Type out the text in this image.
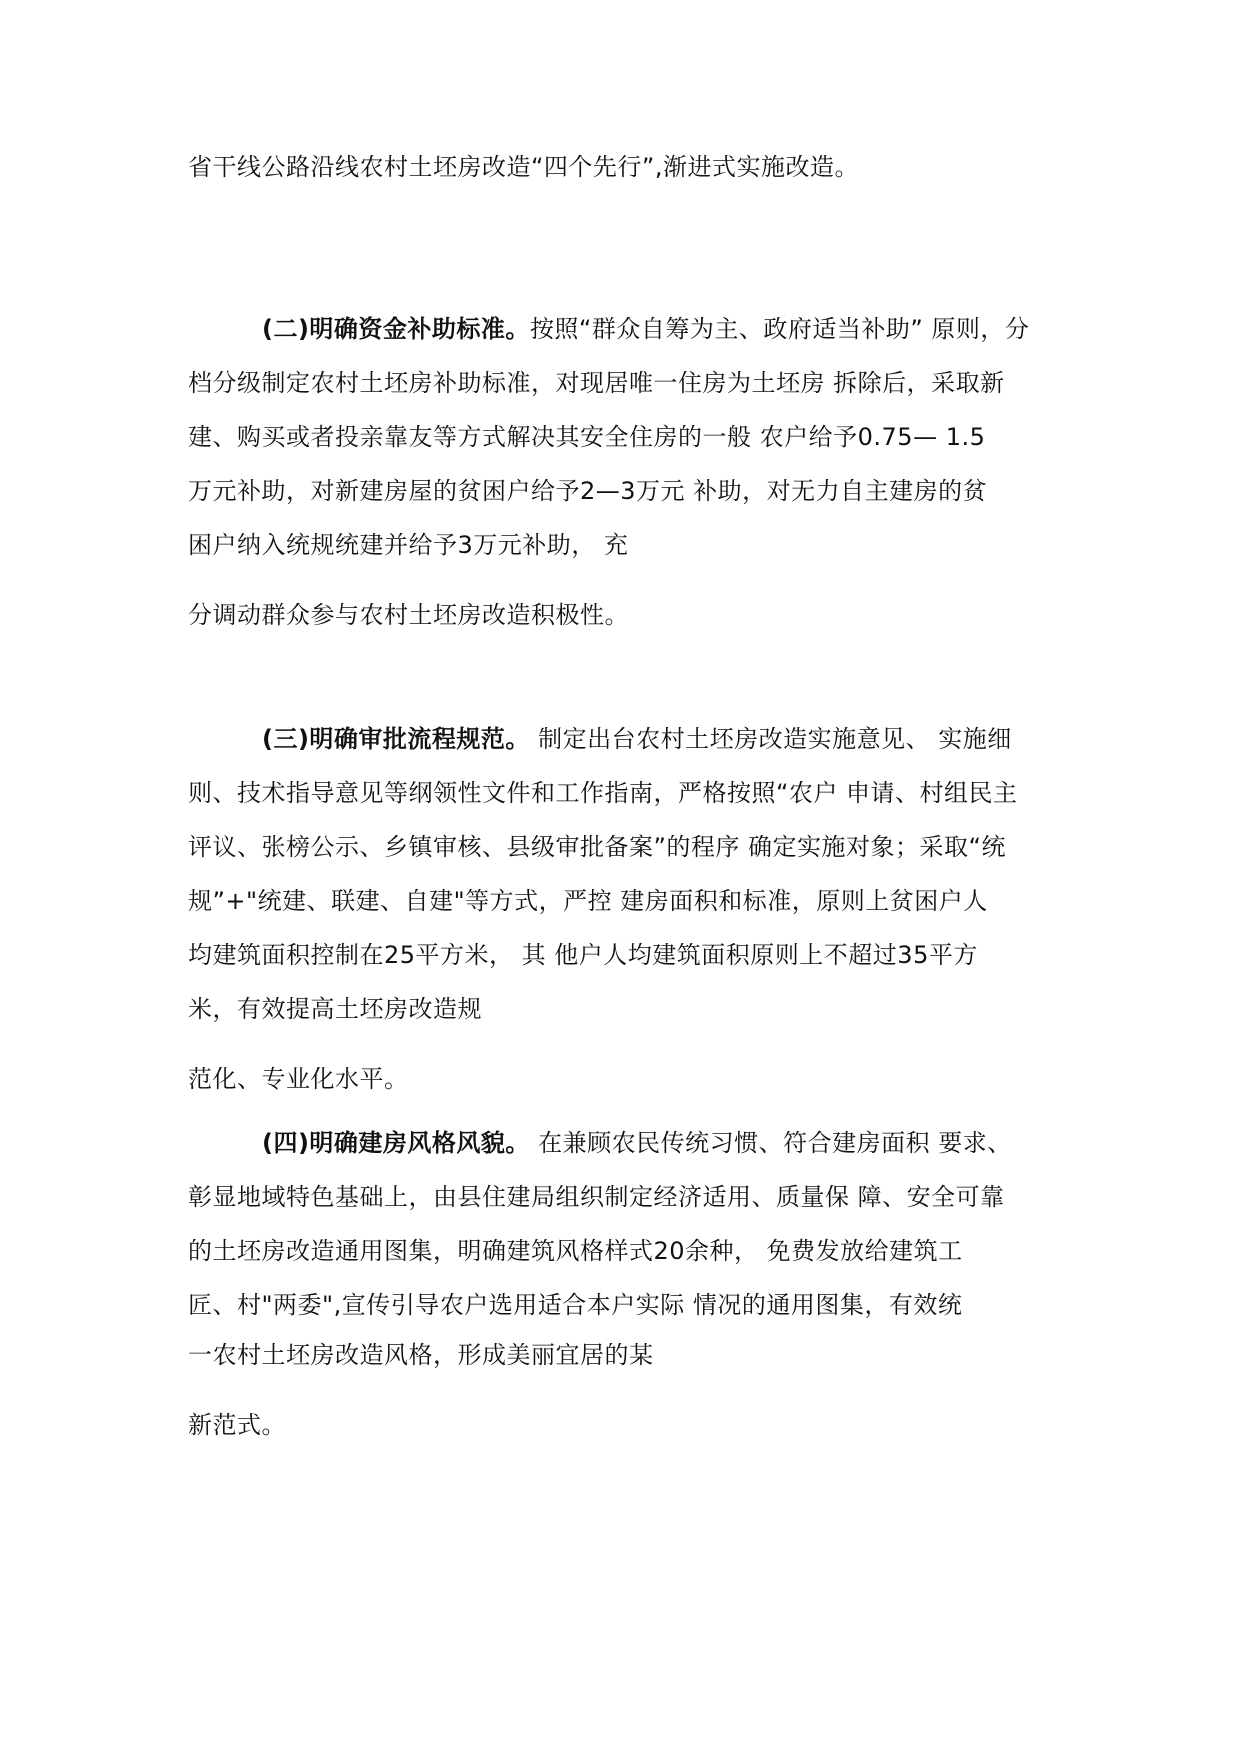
省干线公路沿线农村土坯房改造“四个先行”,渐进式实施改造。
(二)明确资金补助标准。按照“群众自筹为主、政府适当补助” 原则，分
档分级制定农村土坯房补助标准，对现居唯一住房为土坯房 拆除后，采取新
建、购买或者投亲靠友等方式解决其安全住房的一般 农户给予0.75— 1.5
万元补助，对新建房屋的贫困户给予2—3万元 补助，对无力自主建房的贫
困户纳入统规统建并给予3万元补助， 充
分调动群众参与农村土坯房改造积极性。
(三)明确审批流程规范。 制定出台农村土坯房改造实施意见、 实施细
则、技术指导意见等纲领性文件和工作指南，严格按照“农户 申请、村组民主
评议、张榜公示、乡镇审核、县级审批备案”的程序 确定实施对象；采取“统
规”+"统建、联建、自建"等方式，严控 建房面积和标准，原则上贫困户人
均建筑面积控制在25平方米， 其 他户人均建筑面积原则上不超过35平方
米，有效提高土坯房改造规
范化、专业化水平。
(四)明确建房风格风貌。 在兼顾农民传统习惯、符合建房面积 要求、
彰显地域特色基础上，由县住建局组织制定经济适用、质量保 障、安全可靠
的土坯房改造通用图集，明确建筑风格样式20余种， 免费发放给建筑工
匠、村"两委",宣传引导农户选用适合本户实际 情况的通用图集，有效统
一农村土坯房改造风格，形成美丽宜居的某
新范式。
